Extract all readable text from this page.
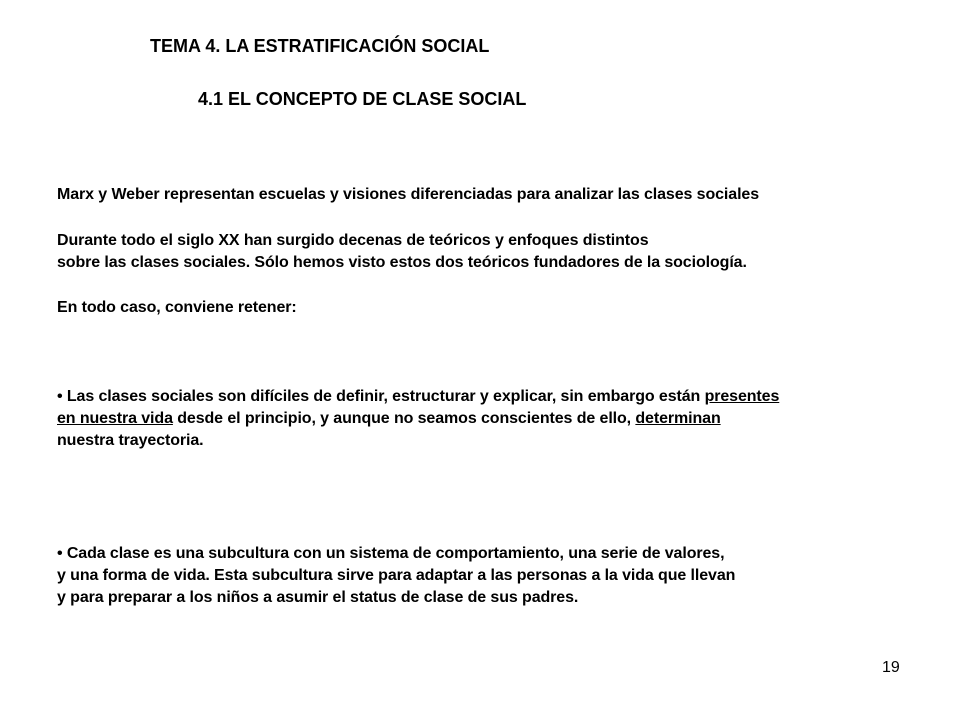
TEMA 4. LA ESTRATIFICACIÓN SOCIAL
4.1 EL CONCEPTO DE CLASE SOCIAL

Marx y Weber representan escuelas y visiones diferenciadas para analizar las clases sociales

Durante todo el siglo XX han surgido decenas de teóricos y enfoques distintos
sobre las clases sociales. Sólo hemos visto estos dos teóricos fundadores de la sociología.

En todo caso, conviene retener:

• Las clases sociales son difíciles de definir, estructurar y explicar, sin embargo están presentes
en nuestra vida desde el principio, y aunque no seamos conscientes de ello, determinan
nuestra trayectoria.

• Cada clase es una subcultura con un sistema de comportamiento, una serie de valores,
y una forma de vida. Esta subcultura sirve para adaptar a las personas a la vida que llevan
y para preparar a los niños a asumir el status de clase de sus padres.

19
